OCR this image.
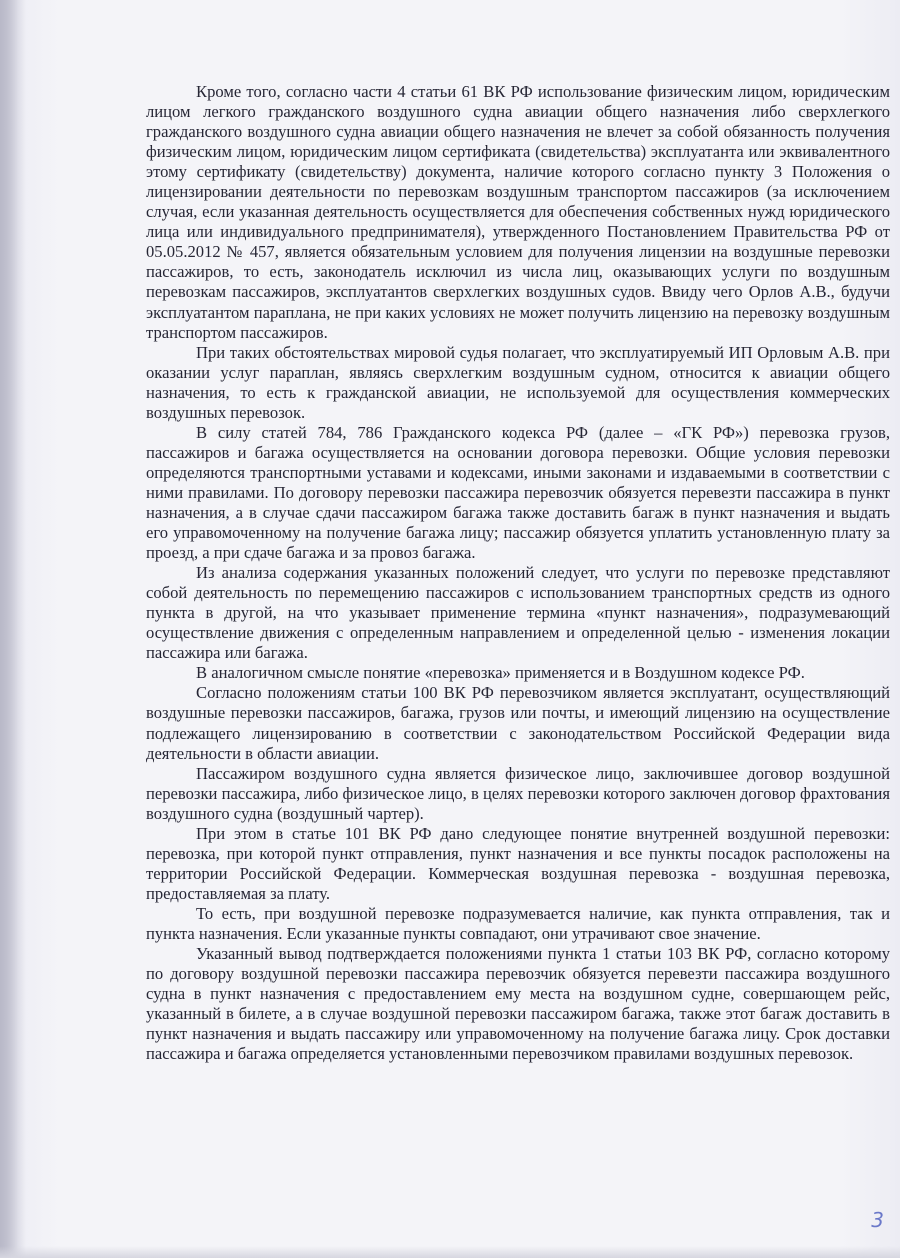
Кроме того, согласно части 4 статьи 61 ВК РФ использование физическим лицом, юридическим лицом легкого гражданского воздушного судна авиации общего назначения либо сверхлегкого гражданского воздушного судна авиации общего назначения не влечет за собой обязанность получения физическим лицом, юридическим лицом сертификата (свидетельства) эксплуатанта или эквивалентного этому сертификату (свидетельству) документа, наличие которого согласно пункту 3 Положения о лицензировании деятельности по перевозкам воздушным транспортом пассажиров (за исключением случая, если указанная деятельность осуществляется для обеспечения собственных нужд юридического лица или индивидуального предпринимателя), утвержденного Постановлением Правительства РФ от 05.05.2012 № 457, является обязательным условием для получения лицензии на воздушные перевозки пассажиров, то есть, законодатель исключил из числа лиц, оказывающих услуги по воздушным перевозкам пассажиров, эксплуатантов сверхлегких воздушных судов. Ввиду чего Орлов А.В., будучи эксплуатантом параплана, не при каких условиях не может получить лицензию на перевозку воздушным транспортом пассажиров.

При таких обстоятельствах мировой судья полагает, что эксплуатируемый ИП Орловым А.В. при оказании услуг параплан, являясь сверхлегким воздушным судном, относится к авиации общего назначения, то есть к гражданской авиации, не используемой для осуществления коммерческих воздушных перевозок.

В силу статей 784, 786 Гражданского кодекса РФ (далее – «ГК РФ») перевозка грузов, пассажиров и багажа осуществляется на основании договора перевозки. Общие условия перевозки определяются транспортными уставами и кодексами, иными законами и издаваемыми в соответствии с ними правилами. По договору перевозки пассажира перевозчик обязуется перевезти пассажира в пункт назначения, а в случае сдачи пассажиром багажа также доставить багаж в пункт назначения и выдать его управомоченному на получение багажа лицу; пассажир обязуется уплатить установленную плату за проезд, а при сдаче багажа и за провоз багажа.

Из анализа содержания указанных положений следует, что услуги по перевозке представляют собой деятельность по перемещению пассажиров с использованием транспортных средств из одного пункта в другой, на что указывает применение термина «пункт назначения», подразумевающий осуществление движения с определенным направлением и определенной целью - изменения локации пассажира или багажа.

В аналогичном смысле понятие «перевозка» применяется и в Воздушном кодексе РФ.

Согласно положениям статьи 100 ВК РФ перевозчиком является эксплуатант, осуществляющий воздушные перевозки пассажиров, багажа, грузов или почты, и имеющий лицензию на осуществление подлежащего лицензированию в соответствии с законодательством Российской Федерации вида деятельности в области авиации.

Пассажиром воздушного судна является физическое лицо, заключившее договор воздушной перевозки пассажира, либо физическое лицо, в целях перевозки которого заключен договор фрахтования воздушного судна (воздушный чартер).

При этом в статье 101 ВК РФ дано следующее понятие внутренней воздушной перевозки: перевозка, при которой пункт отправления, пункт назначения и все пункты посадок расположены на территории Российской Федерации. Коммерческая воздушная перевозка - воздушная перевозка, предоставляемая за плату.

То есть, при воздушной перевозке подразумевается наличие, как пункта отправления, так и пункта назначения. Если указанные пункты совпадают, они утрачивают свое значение.

Указанный вывод подтверждается положениями пункта 1 статьи 103 ВК РФ, согласно которому по договору воздушной перевозки пассажира перевозчик обязуется перевезти пассажира воздушного судна в пункт назначения с предоставлением ему места на воздушном судне, совершающем рейс, указанный в билете, а в случае воздушной перевозки пассажиром багажа, также этот багаж доставить в пункт назначения и выдать пассажиру или управомоченному на получение багажа лицу. Срок доставки пассажира и багажа определяется установленными перевозчиком правилами воздушных перевозок.

3
